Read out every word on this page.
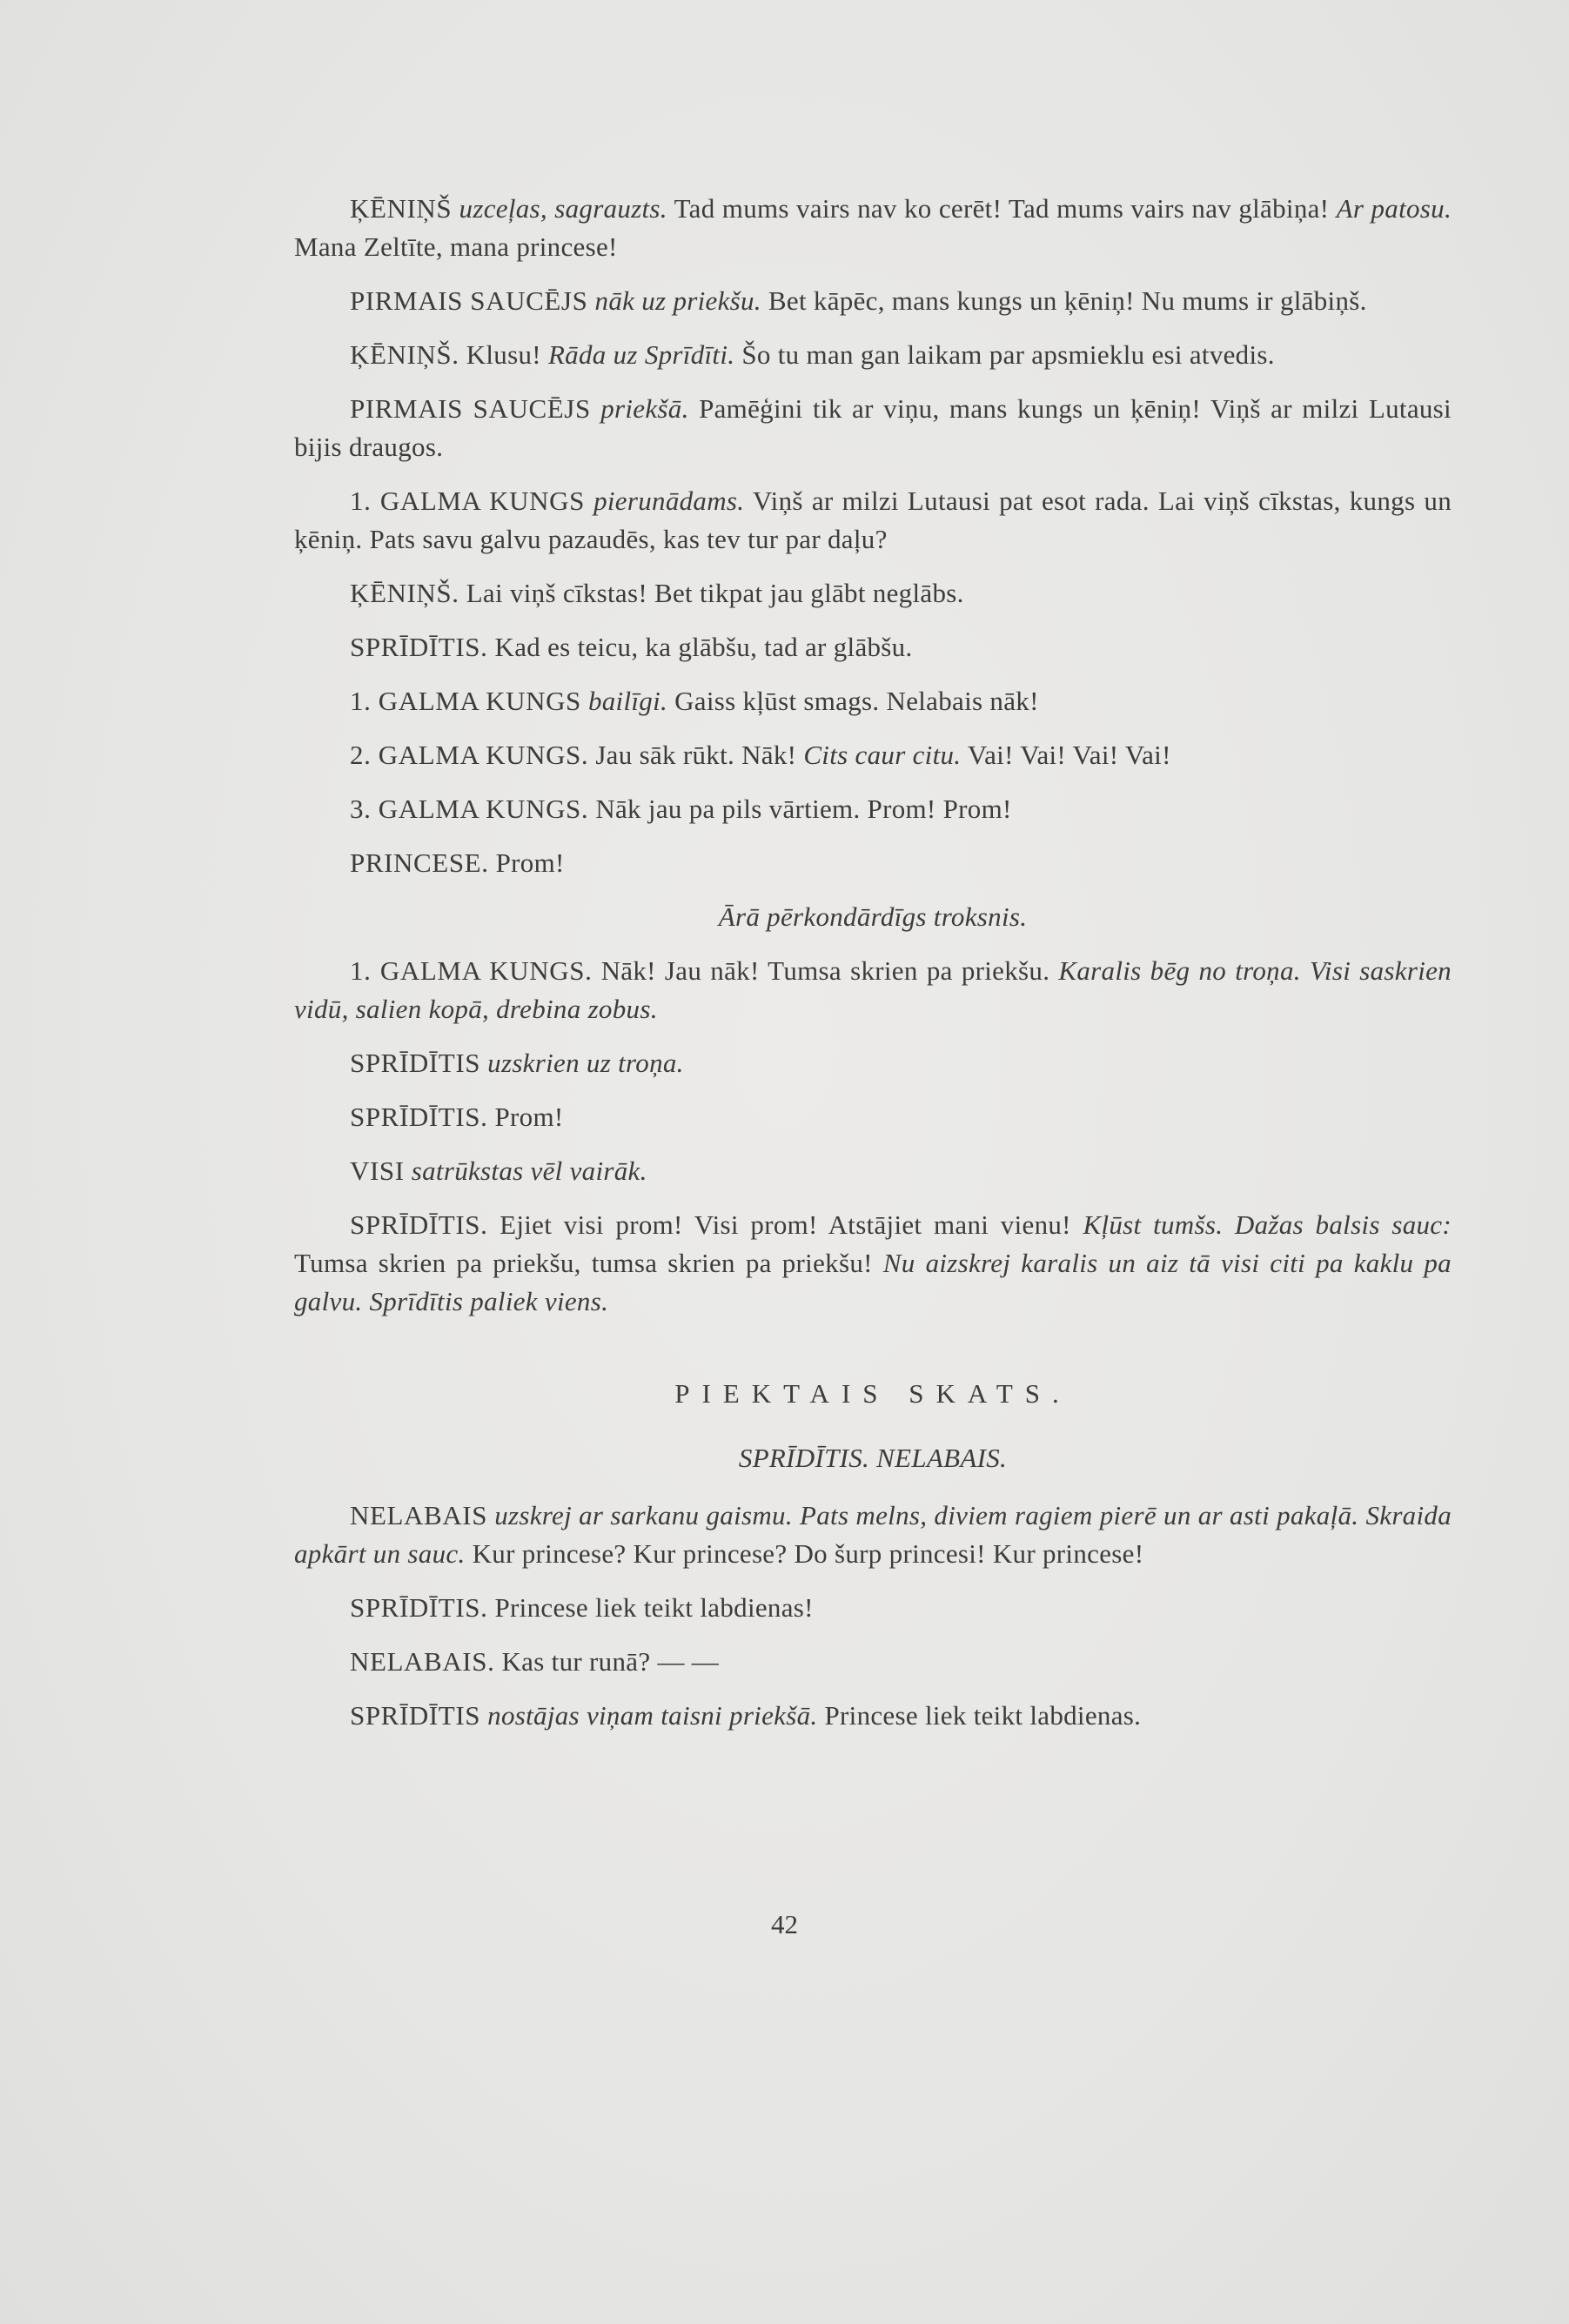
ĶĒNIŅŠ uzceļas, sagrauzts. Tad mums vairs nav ko cerēt! Tad mums vairs nav glābiņa! Ar patosu. Mana Zeltīte, mana princese!

PIRMAIS SAUCĒJS nāk uz priekšu. Bet kāpēc, mans kungs un ķēniņ! Nu mums ir glābiņš.

ĶĒNIŅŠ. Klusu! Rāda uz Sprīdīti. Šo tu man gan laikam par apsmieklu esi atvedis.

PIRMAIS SAUCĒJS priekšā. Pamēģini tik ar viņu, mans kungs un ķēniņ! Viņš ar milzi Lutausi bijis draugos.

1. GALMA KUNGS pierunādams. Viņš ar milzi Lutausi pat esot rada. Lai viņš cīkstas, kungs un ķēniņ. Pats savu galvu pazaudēs, kas tev tur par daļu?

ĶĒNIŅŠ. Lai viņš cīkstas! Bet tikpat jau glābt neglābs.

SPRĪDĪTIS. Kad es teicu, ka glābšu, tad ar glābšu.

1. GALMA KUNGS bailīgi. Gaiss kļūst smags. Nelabais nāk!

2. GALMA KUNGS. Jau sāk rūkt. Nāk! Cits caur citu. Vai! Vai! Vai! Vai!

3. GALMA KUNGS. Nāk jau pa pils vārtiem. Prom! Prom!

PRINCESE. Prom!

Ārā pērkondārdīgs troksnis.

1. GALMA KUNGS. Nāk! Jau nāk! Tumsa skrien pa priekšu. Karalis bēg no troņa. Visi saskrien vidū, salien kopā, drebina zobus.

SPRĪDĪTIS uzskrien uz troņa.

SPRĪDĪTIS. Prom!

VISI satrūkstas vēl vairāk.

SPRĪDĪTIS. Ejiet visi prom! Visi prom! Atstājiet mani vienu! Kļūst tumšs. Dažas balsis sauc: Tumsa skrien pa priekšu, tumsa skrien pa priekšu! Nu aizskrej karalis un aiz tā visi citi pa kaklu pa galvu. Sprīdītis paliek viens.

PIEKTAIS SKATS.
SPRĪDĪTIS. NELABAIS.

NELABAIS uzskrej ar sarkanu gaismu. Pats melns, diviem ragiem pierē un ar asti pakaļā. Skraida apkārt un sauc. Kur princese? Kur princese? Do šurp princesi! Kur princese!

SPRĪDĪTIS. Princese liek teikt labdienas!

NELABAIS. Kas tur runā? — —

SPRĪDĪTIS nostājas viņam taisni priekšā. Princese liek teikt labdienas.

42
